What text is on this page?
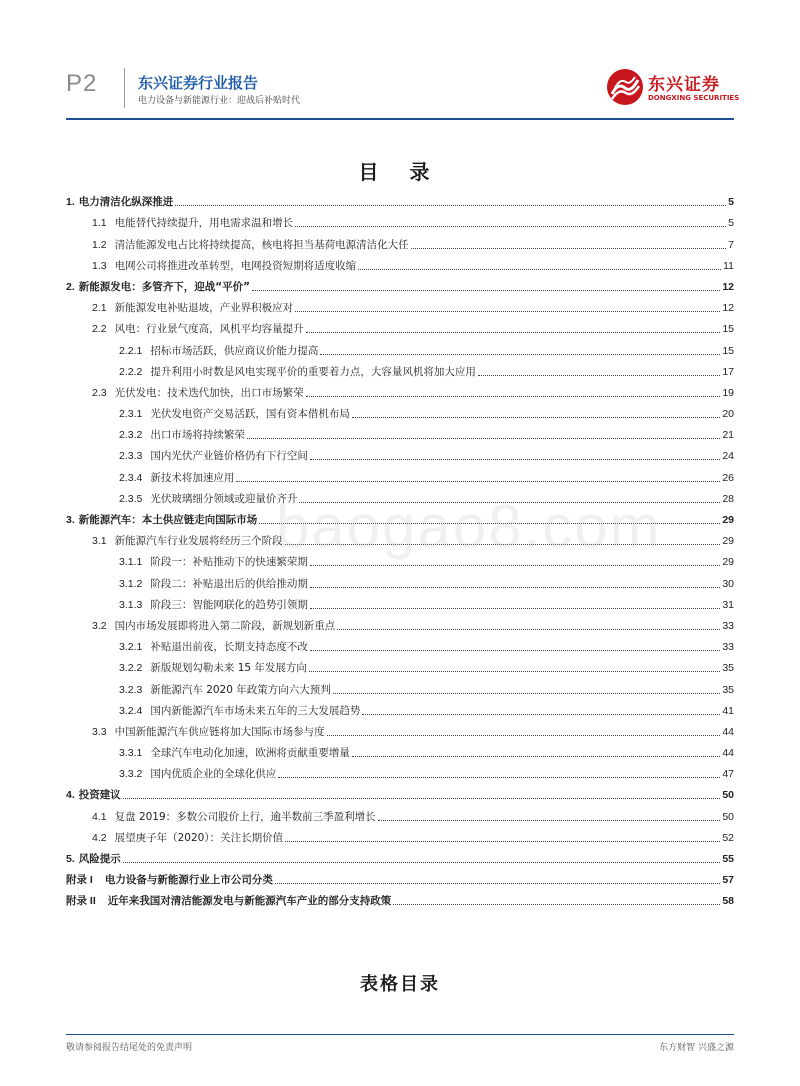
P2	东兴证券行业报告
电力设备与新能源行业：迎战后补贴时代
东兴证券
DONGXING SECURITIES
目 录
1. 电力清洁化纵深推进	5
1.1 电能替代持续提升，用电需求温和增长	5
1.2 清洁能源发电占比将持续提高，核电将担当基荷电源清洁化大任	7
1.3 电网公司将推进改革转型，电网投资短期将适度收缩	11
2. 新能源发电：多管齐下，迎战“平价”	12
2.1 新能源发电补贴退坡，产业界积极应对	12
2.2 风电：行业景气度高，风机平均容量提升	15
2.2.1 招标市场活跃，供应商议价能力提高	15
2.2.2 提升利用小时数是风电实现平价的重要着力点，大容量风机将加大应用	17
2.3 光伏发电：技术迭代加快，出口市场繁荣	19
2.3.1 光伏发电资产交易活跃，国有资本借机布局	20
2.3.2 出口市场将持续繁荣	21
2.3.3 国内光伏产业链价格仍有下行空间	24
2.3.4 新技术将加速应用	26
2.3.5 光伏玻璃细分领域或迎量价齐升	28
3. 新能源汽车：本土供应链走向国际市场	29
3.1 新能源汽车行业发展将经历三个阶段	29
3.1.1 阶段一：补贴推动下的快速繁荣期	29
3.1.2 阶段二：补贴退出后的供给推动期	30
3.1.3 阶段三：智能网联化的趋势引领期	31
3.2 国内市场发展即将进入第二阶段，新规划新重点	33
3.2.1 补贴退出前夜，长期支持态度不改	33
3.2.2 新版规划勾勒未来 15 年发展方向	35
3.2.3 新能源汽车 2020 年政策方向六大预判	35
3.2.4 国内新能源汽车市场未来五年的三大发展趋势	41
3.3 中国新能源汽车供应链将加大国际市场参与度	44
3.3.1 全球汽车电动化加速，欧洲将贡献重要增量	44
3.3.2 国内优质企业的全球化供应	47
4. 投资建议	50
4.1 复盘 2019：多数公司股价上行，逾半数前三季盈利增长	50
4.2 展望庚子年（2020）：关注长期价值	52
5. 风险提示	55
附录 I 电力设备与新能源行业上市公司分类	57
附录 II 近年来我国对清洁能源发电与新能源汽车产业的部分支持政策	58
baogao8.com
表格目录
敬请参阅报告结尾处的免责声明	东方财智 兴盛之源
